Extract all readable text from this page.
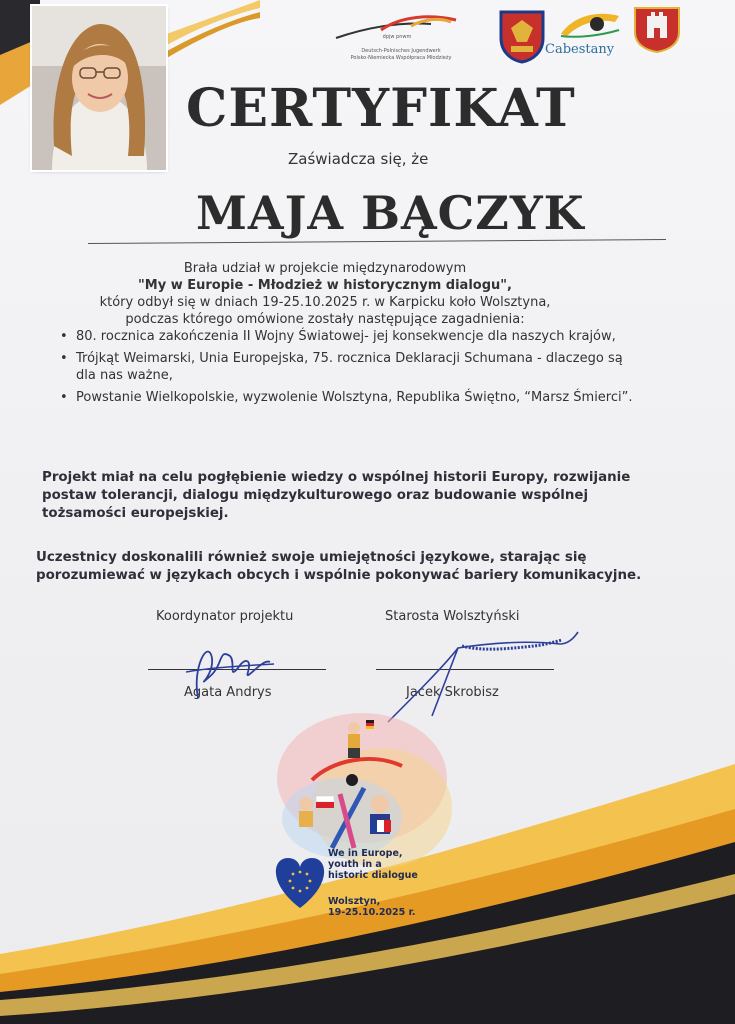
dpjw pnwm
Deutsch-Polnisches Jugendwerk
Polsko-Niemiecka Współpraca Młodzieży
Cabestany
CERTYFIKAT
Zaświadcza się, że
MAJA BĄCZYK
Brała udział w projekcie międzynarodowym
"My w Europie - Młodzież w historycznym dialogu",
który odbył się w dniach 19-25.10.2025 r. w Karpicku koło Wolsztyna,
podczas którego omówione zostały następujące zagadnienia:
• 80. rocznica zakończenia II Wojny Światowej- jej konsekwencje dla naszych krajów,
• Trójkąt Weimarski, Unia Europejska, 75. rocznica Deklaracji Schumana - dlaczego są dla nas ważne,
• Powstanie Wielkopolskie, wyzwolenie Wolsztyna, Republika Świętno, “Marsz Śmierci”.
Projekt miał na celu pogłębienie wiedzy o wspólnej historii Europy, rozwijanie postaw tolerancji, dialogu międzykulturowego oraz budowanie wspólnej tożsamości europejskiej.
Uczestnicy doskonalili również swoje umiejętności językowe, starając się porozumiewać w językach obcych i wspólnie pokonywać bariery komunikacyjne.
Koordynator projektu
Agata Andrys
Starosta Wolsztyński
Jacek Skrobisz
We in Europe,
youth in a
historic dialogue
Wolsztyn,
19-25.10.2025 r.
